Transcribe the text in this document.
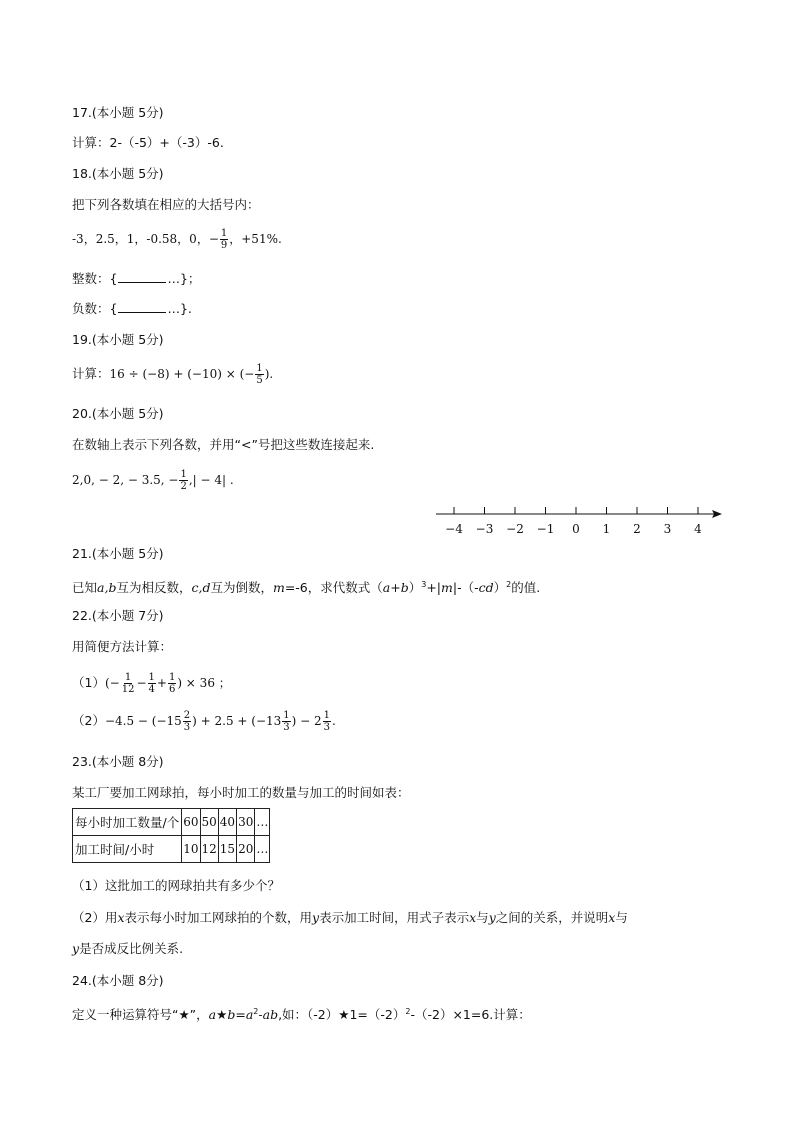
17.(本小题 5分)
计算：2-（-5）+（-3）-6.
18.(本小题 5分)
把下列各数填在相应的大括号内：
-3，2.5，1，-0.58，0，− $\frac{1}{9}$ ，+51%.
整数：{	…}；
负数：{	…}.
19.(本小题 5分)
计算：16 ÷ (−8) + (−10) × (− $\frac{1}{5}$ ).
20.(本小题 5分)
在数轴上表示下列各数，并用“<”号把这些数连接起来.
2,0, − 2, − 3.5, − $\frac{1}{2}$ ,| − 4| .
−4 −3 −2 −1 0 1 2 3 4
21.(本小题 5分)
已知a,b互为相反数，c,d互为倒数，m=-6，求代数式$(a+b)^3+|m|-(-cd)^2$的值.
22.(本小题 7分)
用简便方法计算：
$(1)(- \frac{1}{12} - \frac{1}{4} + \frac{1}{6}$ ) × 36 ；
$(2)-4.5 - (-15 \frac{2}{3}$ ) + $2.5 + (-13 \frac{1}{3}$ ) − $2 \frac{1}{3}$ .
23.(本小题 8分)
某工厂要加工网球拍，每小时加工的数量与加工的时间如表：
每小时加工数量/个	60	50	40	30	…
加工时间/小时	10	12	15	20	…
（1）这批加工的网球拍共有多少个？
（2）用x表示每小时加工网球拍的个数，用y表示加工时间，用式子表示x与y之间的关系，并说明x与
y是否成反比例关系.
24.(本小题 8分)
定义一种运算符号“★”，$a★b=a^2-ab$,如：$(-2)★1=(-2)^2-(-2)\times 1=6$.计算：
